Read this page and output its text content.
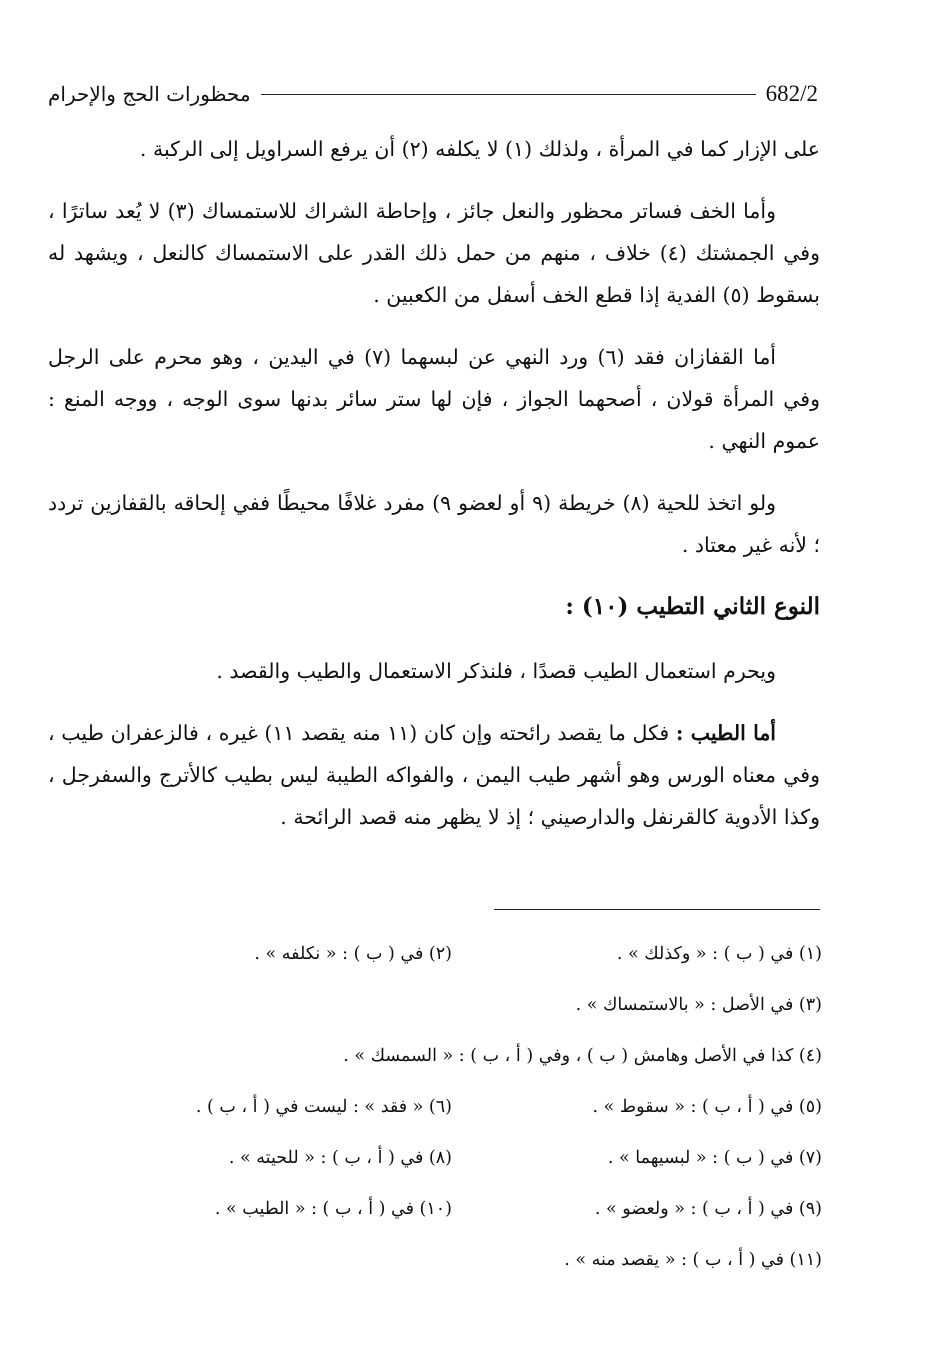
682/2
محظورات الحج والإحرام

على الإزار كما في المرأة ، ولذلك (١) لا يكلفه (٢) أن يرفع السراويل إلى الركبة .

وأما الخف فساتر محظور والنعل جائز ، وإحاطة الشراك للاستمساك (٣) لا يُعد ساترًا ، وفي الجمشتك (٤) خلاف ، منهم من حمل ذلك القدر على الاستمساك كالنعل ، ويشهد له بسقوط (٥) الفدية إذا قطع الخف أسفل من الكعبين .

أما القفازان فقد (٦) ورد النهي عن لبسهما (٧) في اليدين ، وهو محرم على الرجل وفي المرأة قولان ، أصحهما الجواز ، فإن لها ستر سائر بدنها سوى الوجه ، ووجه المنع : عموم النهي .

ولو اتخذ للحية (٨) خريطة (٩ أو لعضو ٩) مفرد غلافًا محيطًا ففي إلحاقه بالقفازين تردد ؛ لأنه غير معتاد .

النوع الثاني التطيب (١٠) :

ويحرم استعمال الطيب قصدًا ، فلنذكر الاستعمال والطيب والقصد .

أما الطيب : فكل ما يقصد رائحته وإن كان (١١ منه يقصد ١١) غيره ، فالزعفران طيب ، وفي معناه الورس وهو أشهر طيب اليمن ، والفواكه الطيبة ليس بطيب كالأترج والسفرجل ، وكذا الأدوية كالقرنفل والدارصيني ؛ إذ لا يظهر منه قصد الرائحة .

(١) في ( ب ) : « وكذلك » .
(٢) في ( ب ) : « نكلفه » .
(٣) في الأصل : « بالاستمساك » .
(٤) كذا في الأصل وهامش ( ب ) ، وفي ( أ ، ب ) : « السمسك » .
(٥) في ( أ ، ب ) : « سقوط » .
(٦) « فقد » : ليست في ( أ ، ب ) .
(٧) في ( ب ) : « لبسيهما » .
(٨) في ( أ ، ب ) : « للحيته » .
(٩) في ( أ ، ب ) : « ولعضو » .
(١٠) في ( أ ، ب ) : « الطيب » .
(١١) في ( أ ، ب ) : « يقصد منه » .
